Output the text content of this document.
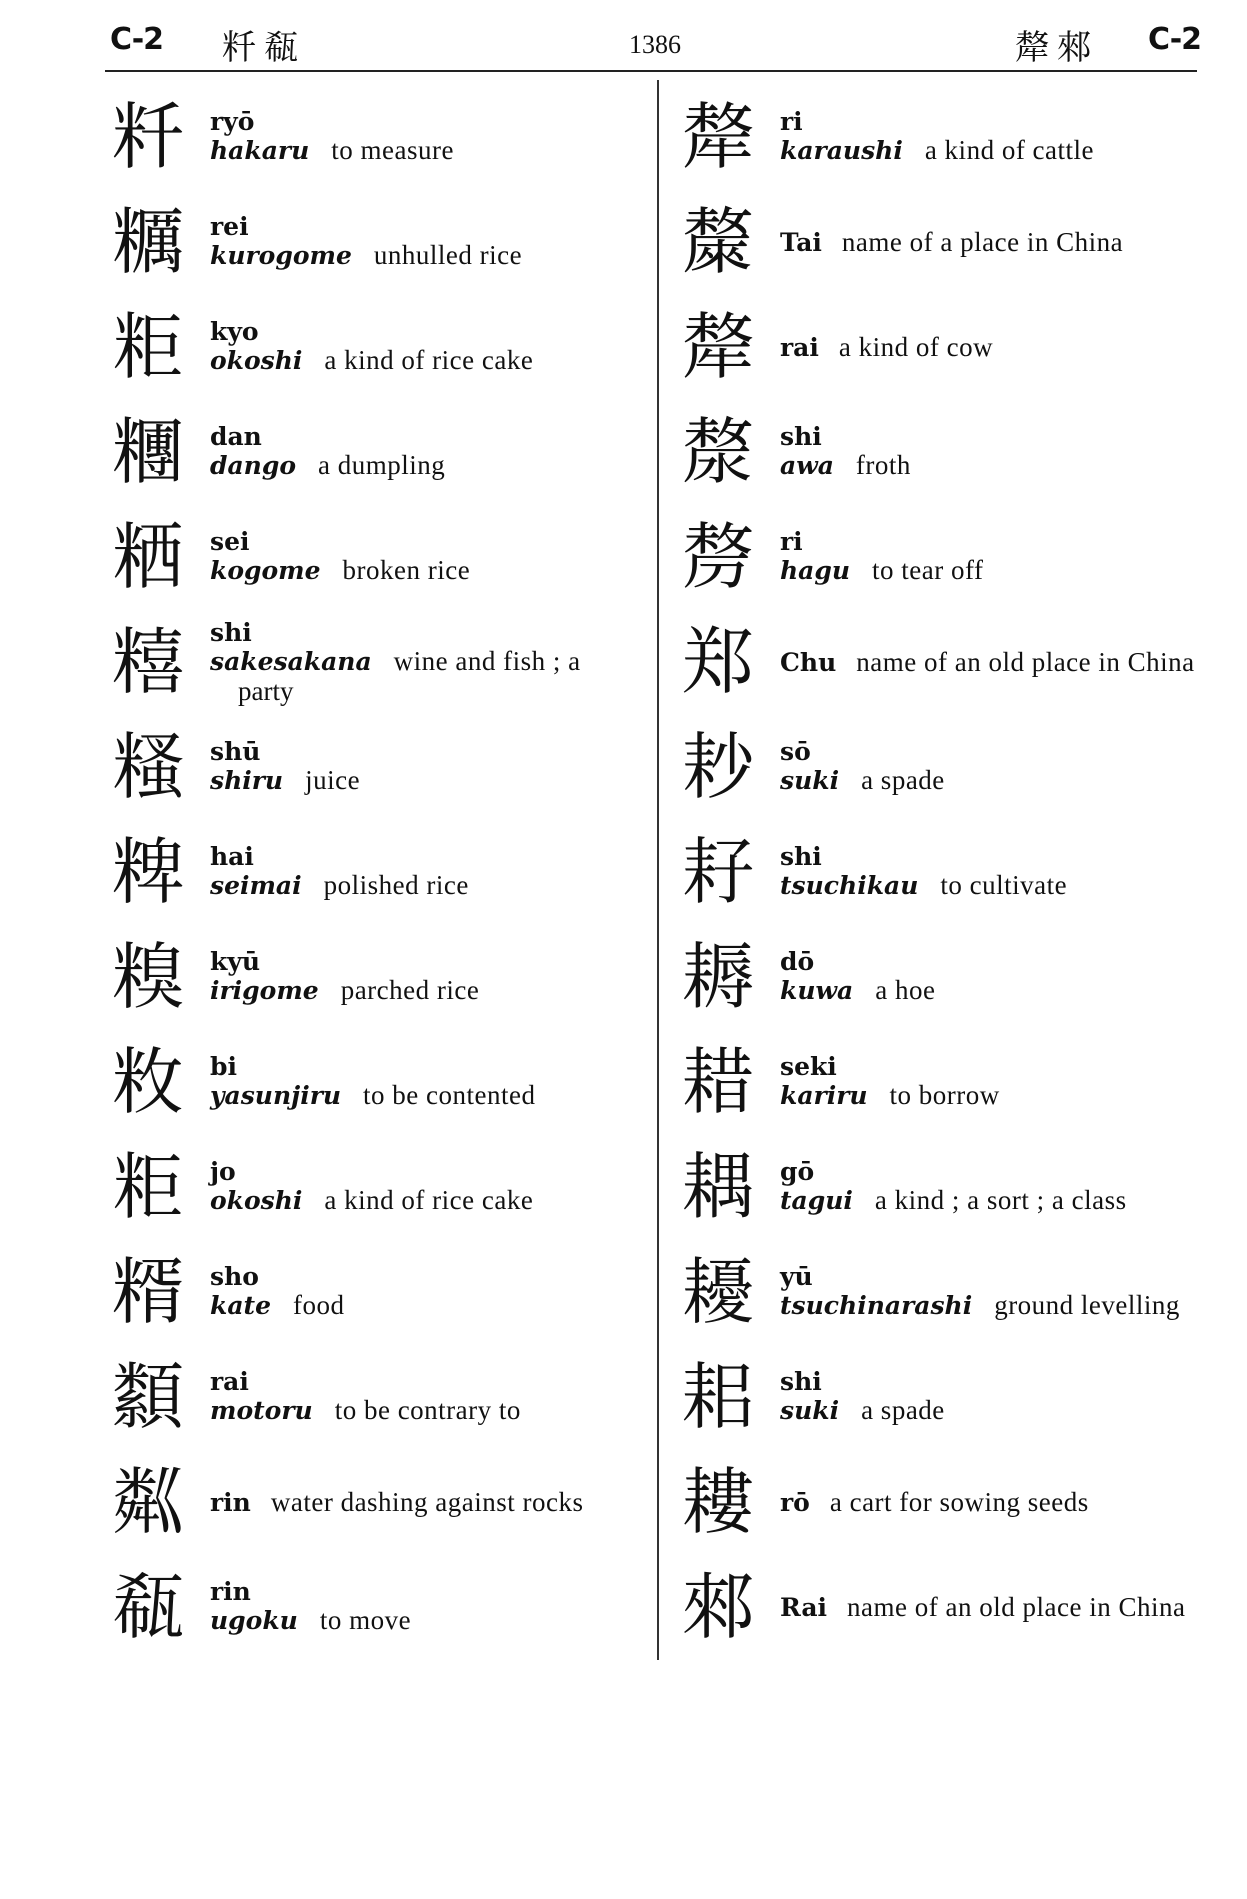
C-2 粁瓻	1386	犛郲 C-2
粁	ryō
hakaru to measure
糲	rei
kurogome unhulled rice
粔	kyo
okoshi a kind of rice cake
糰	dan
dango a dumpling
粞	sei
kogome broken rice
糦	shi
sakesakana wine and fish ; a
party
糔	shū
shiru juice
粺	hai
seimai polished rice
糗	kyū
irigome parched rice
敉	bi
yasunjiru to be contented
粔	jo
okoshi a kind of rice cake
糈	sho
kate food
纇	rai
motoru to be contrary to
粼	rin water dashing against rocks
瓻	rin
ugoku to move
犛	ri
karaushi a kind of cattle
斄	Tai name of a place in China
犛	rai a kind of cow
漦	shi
awa froth
剺	ri
hagu to tear off
郑	Chu name of an old place in China
耖	sō
suki a spade
耔	shi
tsuchikau to cultivate
耨	dō
kuwa a hoe
耤	seki
kariru to borrow
耦	gō
tagui a kind ; a sort ; a class
耰	yū
tsuchinarashi ground levelling
耜	shi
suki a spade
耬	rō a cart for sowing seeds
郲	Rai name of an old place in China
